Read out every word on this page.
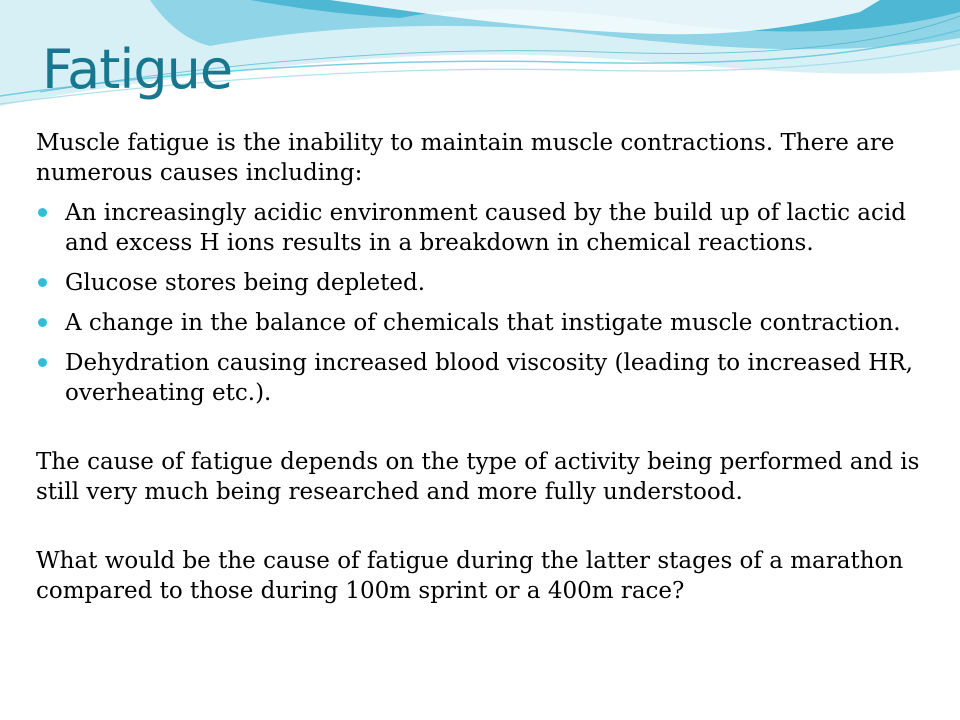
Fatigue

Muscle fatigue is the inability to maintain muscle contractions. There are numerous causes including:

An increasingly acidic environment caused by the build up of lactic acid and excess H ions results in a breakdown in chemical reactions.
Glucose stores being depleted.
A change in the balance of chemicals that instigate muscle contraction.
Dehydration causing increased blood viscosity (leading to increased HR, overheating etc.).

The cause of fatigue depends on the type of activity being performed and is still very much being researched and more fully understood.

What would be the cause of fatigue during the latter stages of a marathon compared to those during 100m sprint or a 400m race?
